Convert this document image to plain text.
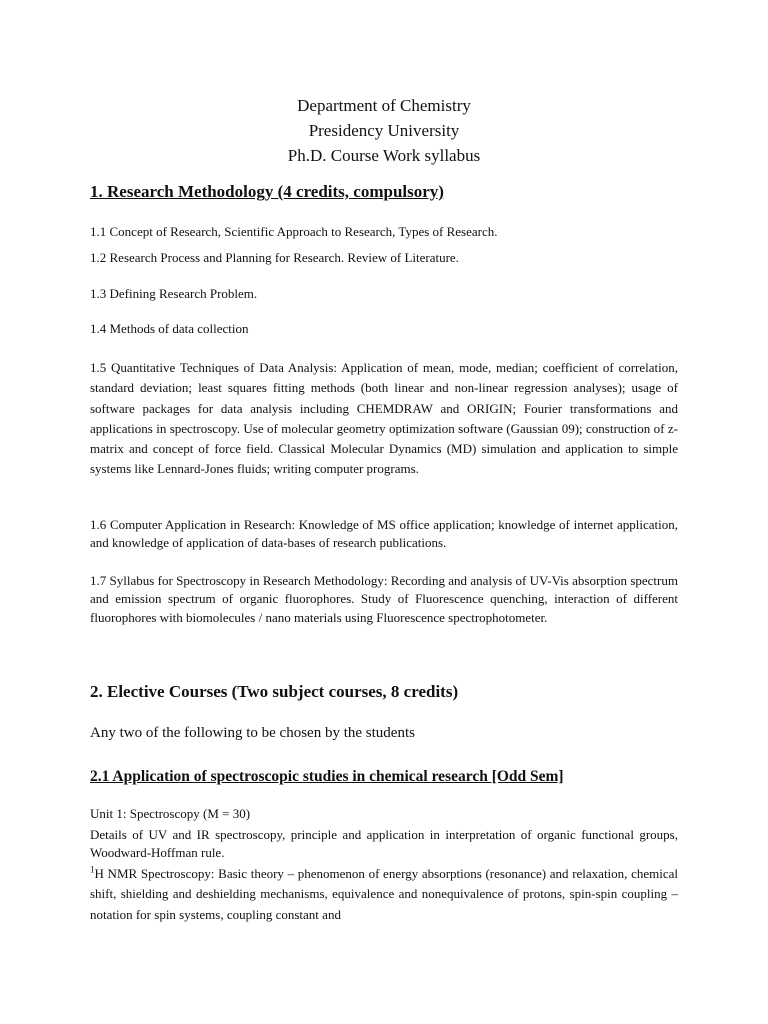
Department of Chemistry
Presidency University
Ph.D. Course Work syllabus
1. Research Methodology (4 credits, compulsory)
1.1 Concept of Research, Scientific Approach to Research, Types of Research.
1.2 Research Process and Planning for Research. Review of Literature.
1.3 Defining Research Problem.
1.4 Methods of data collection
1.5 Quantitative Techniques of Data Analysis: Application of mean, mode, median; coefficient of correlation, standard deviation; least squares fitting methods (both linear and non-linear regression analyses); usage of software packages for data analysis including CHEMDRAW and ORIGIN; Fourier transformations and applications in spectroscopy. Use of molecular geometry optimization software (Gaussian 09); construction of z-matrix and concept of force field. Classical Molecular Dynamics (MD) simulation and application to simple systems like Lennard-Jones fluids; writing computer programs.
1.6 Computer Application in Research: Knowledge of MS office application; knowledge of internet application, and knowledge of application of data-bases of research publications.
1.7 Syllabus for Spectroscopy in Research Methodology: Recording and analysis of UV-Vis absorption spectrum and emission spectrum of organic fluorophores. Study of Fluorescence quenching, interaction of different fluorophores with biomolecules / nano materials using Fluorescence spectrophotometer.
2. Elective Courses (Two subject courses, 8 credits)
Any two of the following to be chosen by the students
2.1 Application of spectroscopic studies in chemical research [Odd Sem]
Unit 1: Spectroscopy (M = 30)
Details of UV and IR spectroscopy, principle and application in interpretation of organic functional groups, Woodward-Hoffman rule.
$^1$H NMR Spectroscopy: Basic theory – phenomenon of energy absorptions (resonance) and relaxation, chemical shift, shielding and deshielding mechanisms, equivalence and nonequivalence of protons, spin-spin coupling – notation for spin systems, coupling constant and
